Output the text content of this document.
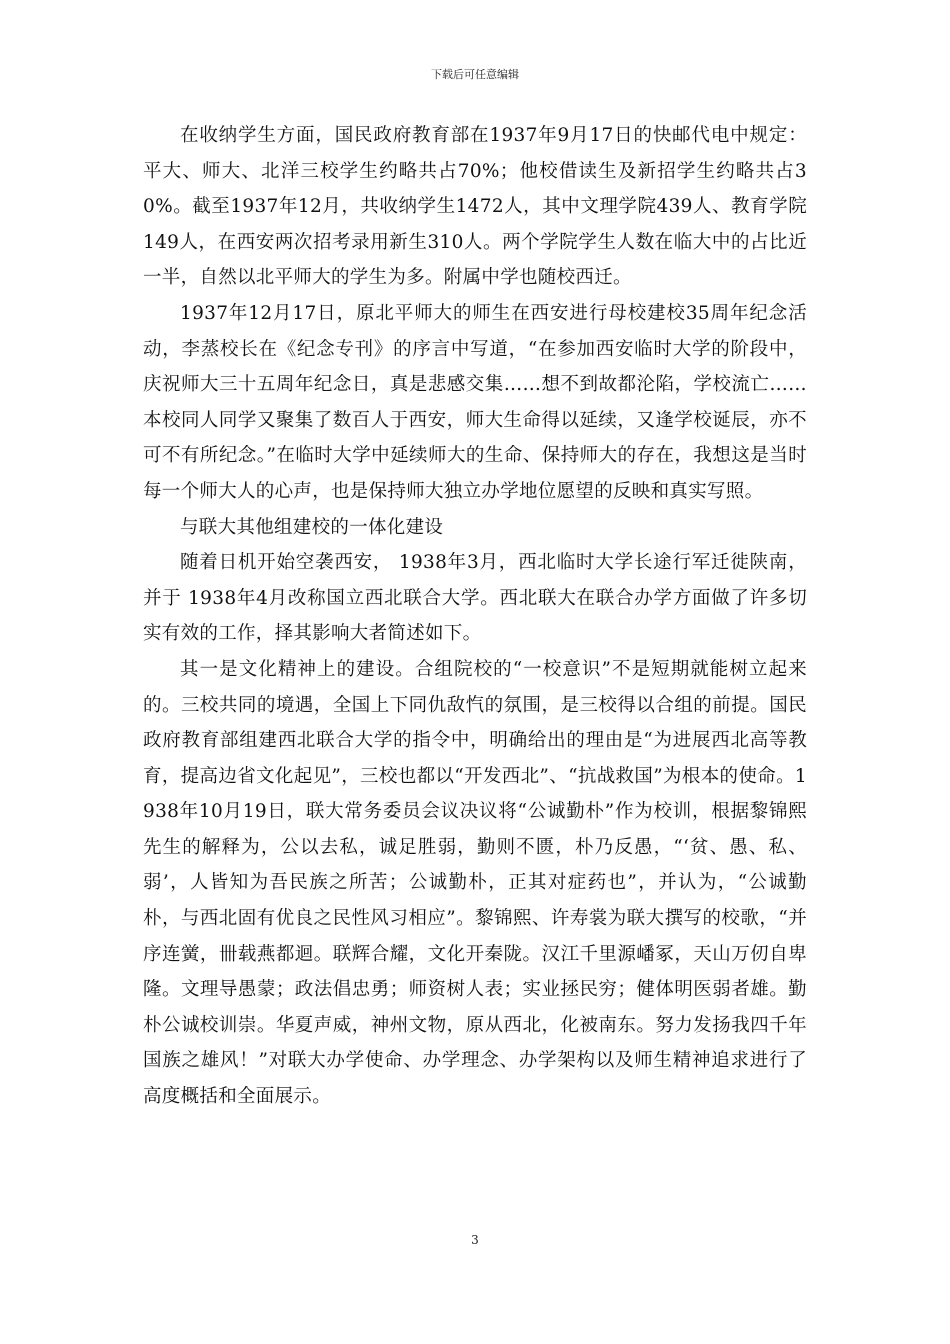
下载后可任意编辑

在收纳学生方面，国民政府教育部在1937年9月17日的快邮代电中规定：平大、师大、北洋三校学生约略共占70%；他校借读生及新招学生约略共占30%。截至1937年12月，共收纳学生1472人，其中文理学院439人、教育学院149人，在西安两次招考录用新生310人。两个学院学生人数在临大中的占比近一半，自然以北平师大的学生为多。附属中学也随校西迁。

1937年12月17日，原北平师大的师生在西安进行母校建校35周年纪念活动，李蒸校长在《纪念专刊》的序言中写道，“在参加西安临时大学的阶段中，庆祝师大三十五周年纪念日，真是悲感交集……想不到故都沦陷，学校流亡……本校同人同学又聚集了数百人于西安，师大生命得以延续，又逢学校诞辰，亦不可不有所纪念。”在临时大学中延续师大的生命、保持师大的存在，我想这是当时每一个师大人的心声，也是保持师大独立办学地位愿望的反映和真实写照。

与联大其他组建校的一体化建设

随着日机开始空袭西安， 1938年3月，西北临时大学长途行军迁徙陕南，并于 1938年4月改称国立西北联合大学。西北联大在联合办学方面做了许多切实有效的工作，择其影响大者简述如下。

其一是文化精神上的建设。合组院校的“一校意识”不是短期就能树立起来的。三校共同的境遇，全国上下同仇敌忾的氛围，是三校得以合组的前提。国民政府教育部组建西北联合大学的指令中，明确给出的理由是“为进展西北高等教育，提高边省文化起见”，三校也都以“开发西北”、“抗战救国”为根本的使命。1938年10月19日，联大常务委员会议决议将“公诚勤朴”作为校训，根据黎锦熙先生的解释为，公以去私，诚足胜弱，勤则不匮，朴乃反愚，“‘贫、愚、私、弱’，人皆知为吾民族之所苦；公诚勤朴，正其对症药也”，并认为，“公诚勤朴，与西北固有优良之民性风习相应”。黎锦熙、许寿裳为联大撰写的校歌，“并序连黉，卌载燕都迴。联辉合耀，文化开秦陇。汉江千里源嶓冢，天山万仞自卑隆。文理导愚蒙；政法倡忠勇；师资树人表；实业拯民穷；健体明医弱者雄。勤朴公诚校训崇。华夏声威，神州文物，原从西北，化被南东。努力发扬我四千年国族之雄风！”对联大办学使命、办学理念、办学架构以及师生精神追求进行了高度概括和全面展示。

3
